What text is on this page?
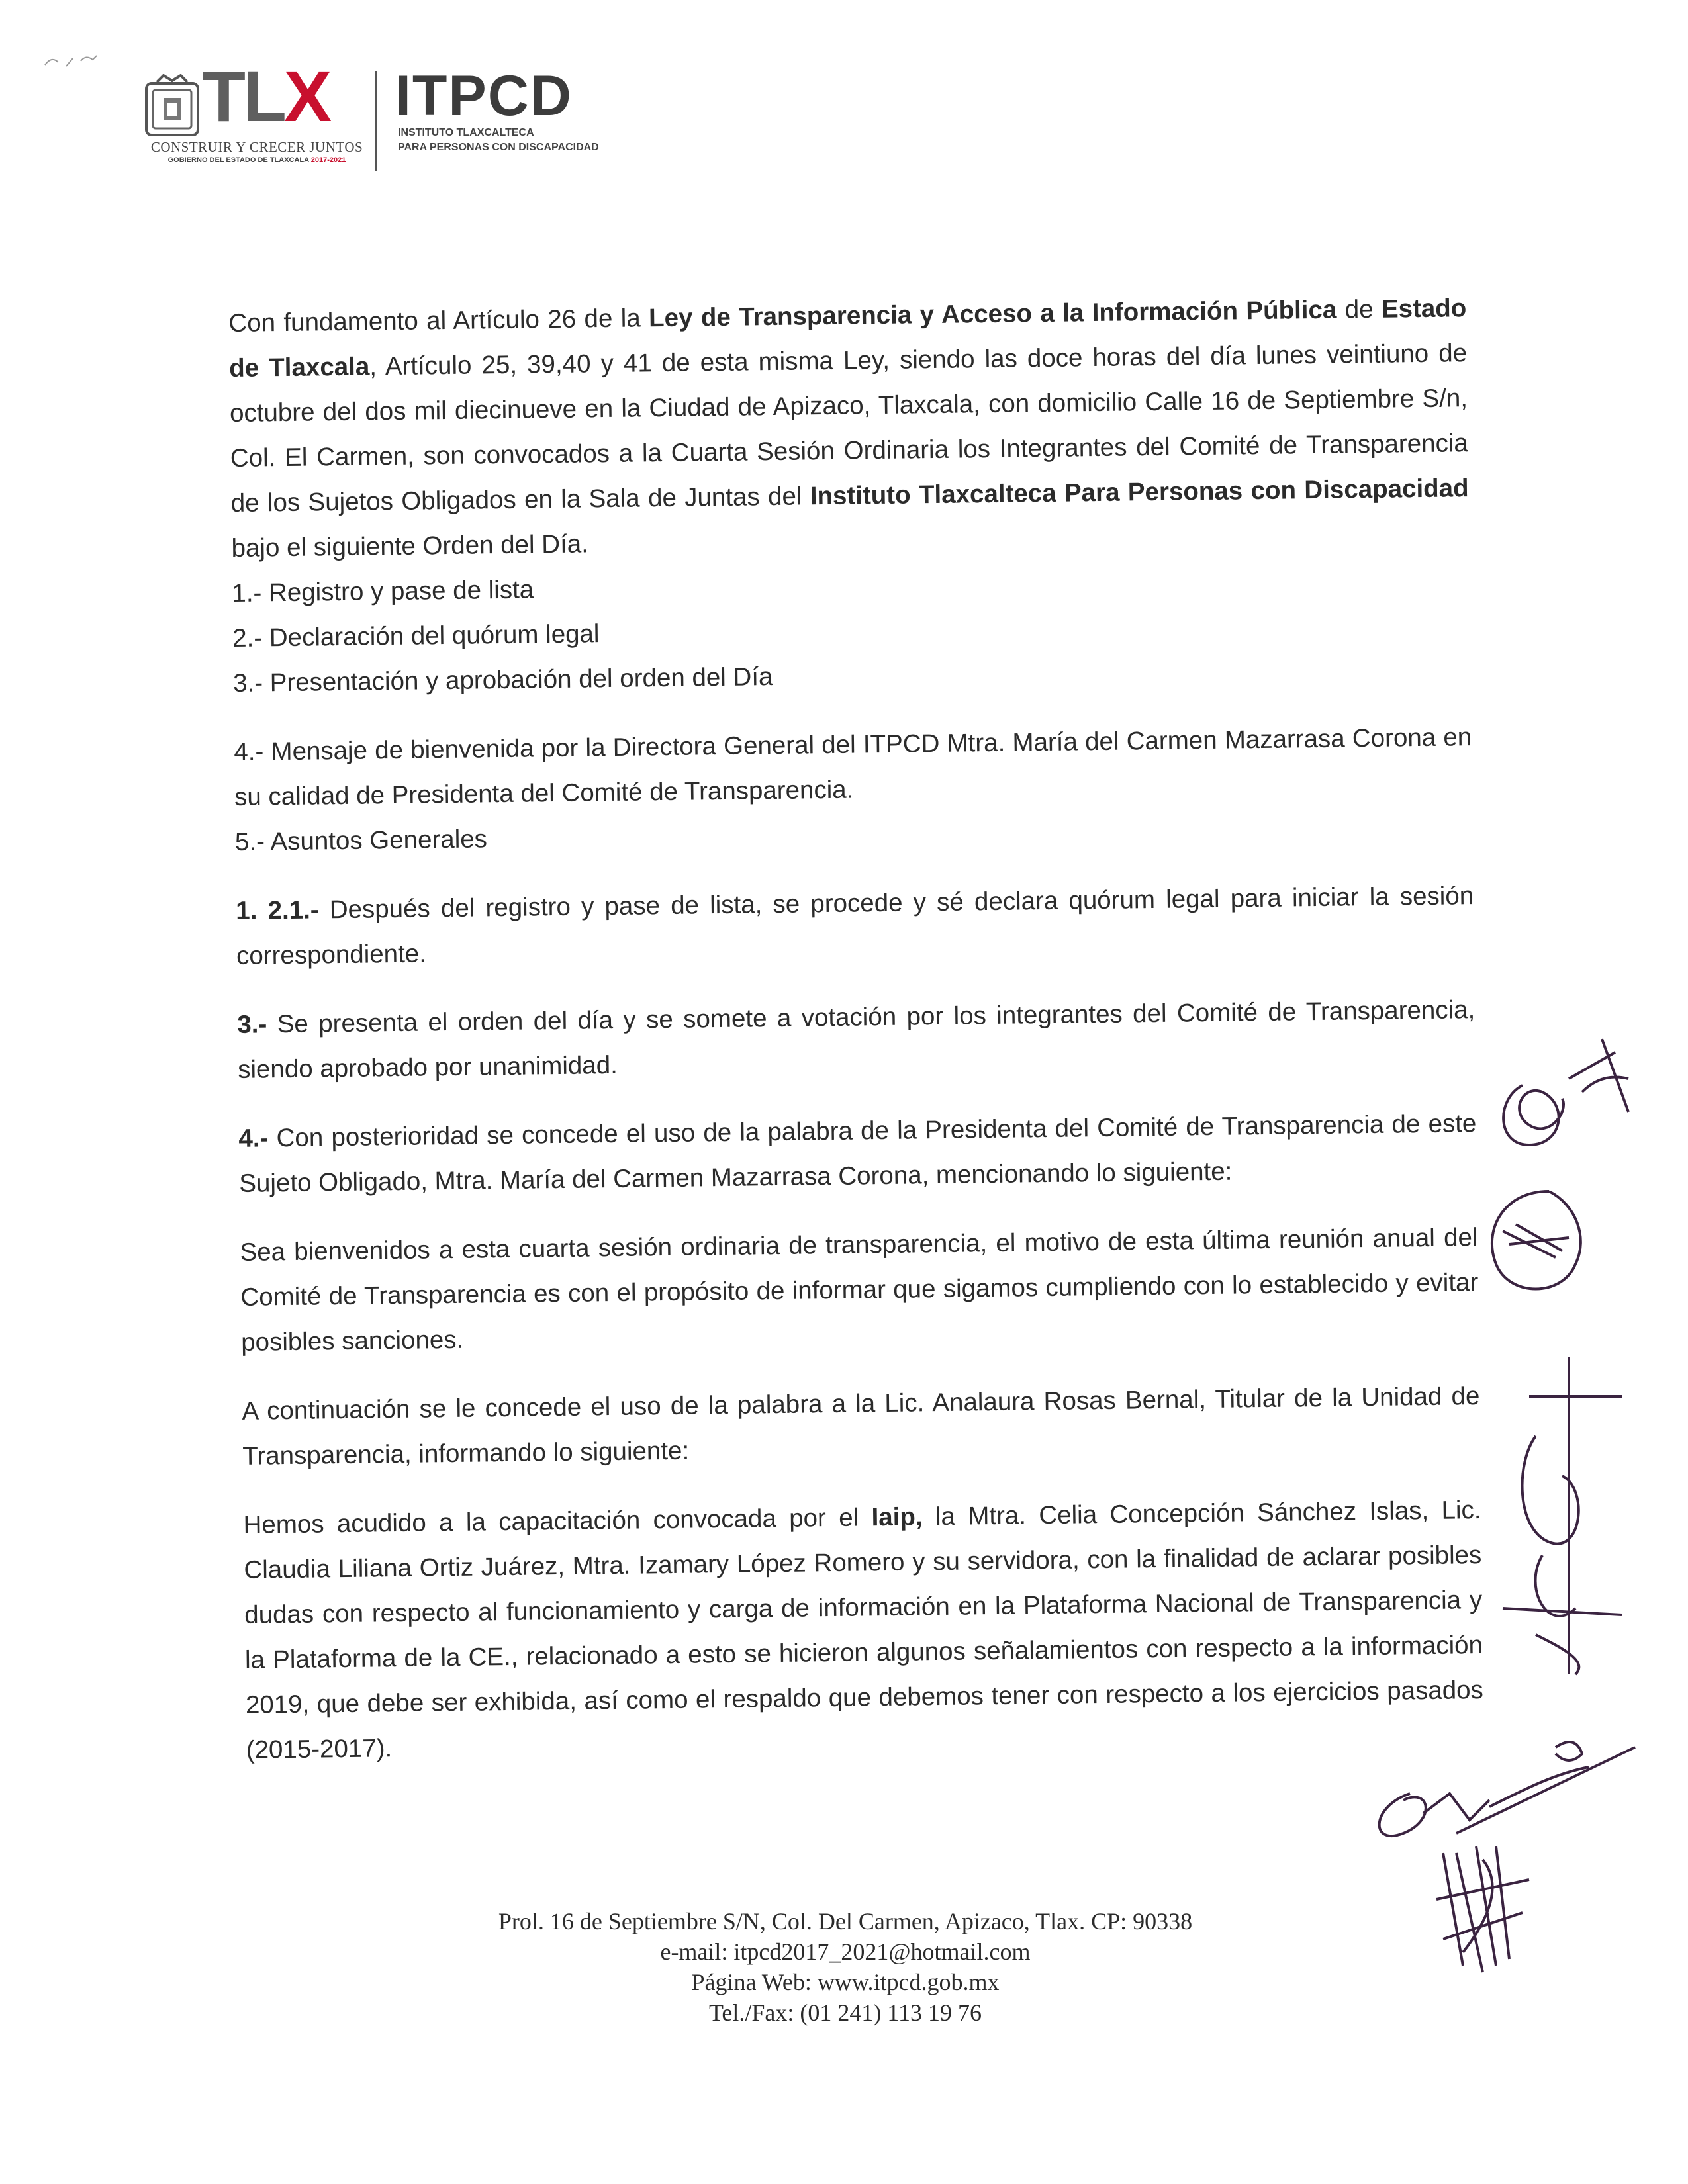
TLX
CONSTRUIR Y CRECER JUNTOS
GOBIERNO DEL ESTADO DE TLAXCALA 2017-2021
ITPCD
INSTITUTO TLAXCALTECA
PARA PERSONAS CON DISCAPACIDAD

Con fundamento al Artículo 26 de la Ley de Transparencia y Acceso a la Información Pública de Estado de Tlaxcala, Artículo 25, 39,40 y 41 de esta misma Ley, siendo las doce horas del día lunes veintiuno de octubre del dos mil diecinueve en la Ciudad de Apizaco, Tlaxcala, con domicilio Calle 16 de Septiembre S/n, Col. El Carmen, son convocados a la Cuarta Sesión Ordinaria los Integrantes del Comité de Transparencia de los Sujetos Obligados en la Sala de Juntas del Instituto Tlaxcalteca Para Personas con Discapacidad bajo el siguiente Orden del Día.

1.- Registro y pase de lista

2.- Declaración del quórum legal

3.- Presentación y aprobación del orden del Día

4.- Mensaje de bienvenida por la Directora General del ITPCD Mtra. María del Carmen Mazarrasa Corona en su calidad de Presidenta del Comité de Transparencia.

5.- Asuntos Generales

1. 2.1.- Después del registro y pase de lista, se procede y sé declara quórum legal para iniciar la sesión correspondiente.

3.- Se presenta el orden del día y se somete a votación por los integrantes del Comité de Transparencia, siendo aprobado por unanimidad.

4.- Con posterioridad se concede el uso de la palabra de la Presidenta del Comité de Transparencia de este Sujeto Obligado, Mtra. María del Carmen Mazarrasa Corona, mencionando lo siguiente:

Sea bienvenidos a esta cuarta sesión ordinaria de transparencia, el motivo de esta última reunión anual del Comité de Transparencia es con el propósito de informar que sigamos cumpliendo con lo establecido y evitar posibles sanciones.

A continuación se le concede el uso de la palabra a la Lic. Analaura Rosas Bernal, Titular de la Unidad de Transparencia, informando lo siguiente:

Hemos acudido a la capacitación convocada por el Iaip, la Mtra. Celia Concepción Sánchez Islas, Lic. Claudia Liliana Ortiz Juárez, Mtra. Izamary López Romero y su servidora, con la finalidad de aclarar posibles dudas con respecto al funcionamiento y carga de información en la Plataforma Nacional de Transparencia y la Plataforma de la CE., relacionado a esto se hicieron algunos señalamientos con respecto a la información 2019, que debe ser exhibida, así como el respaldo que debemos tener con respecto a los ejercicios pasados (2015-2017).

Prol. 16 de Septiembre S/N, Col. Del Carmen, Apizaco, Tlax. CP: 90338
e-mail: itpcd2017_2021@hotmail.com
Página Web: www.itpcd.gob.mx
Tel./Fax: (01 241) 113 19 76
